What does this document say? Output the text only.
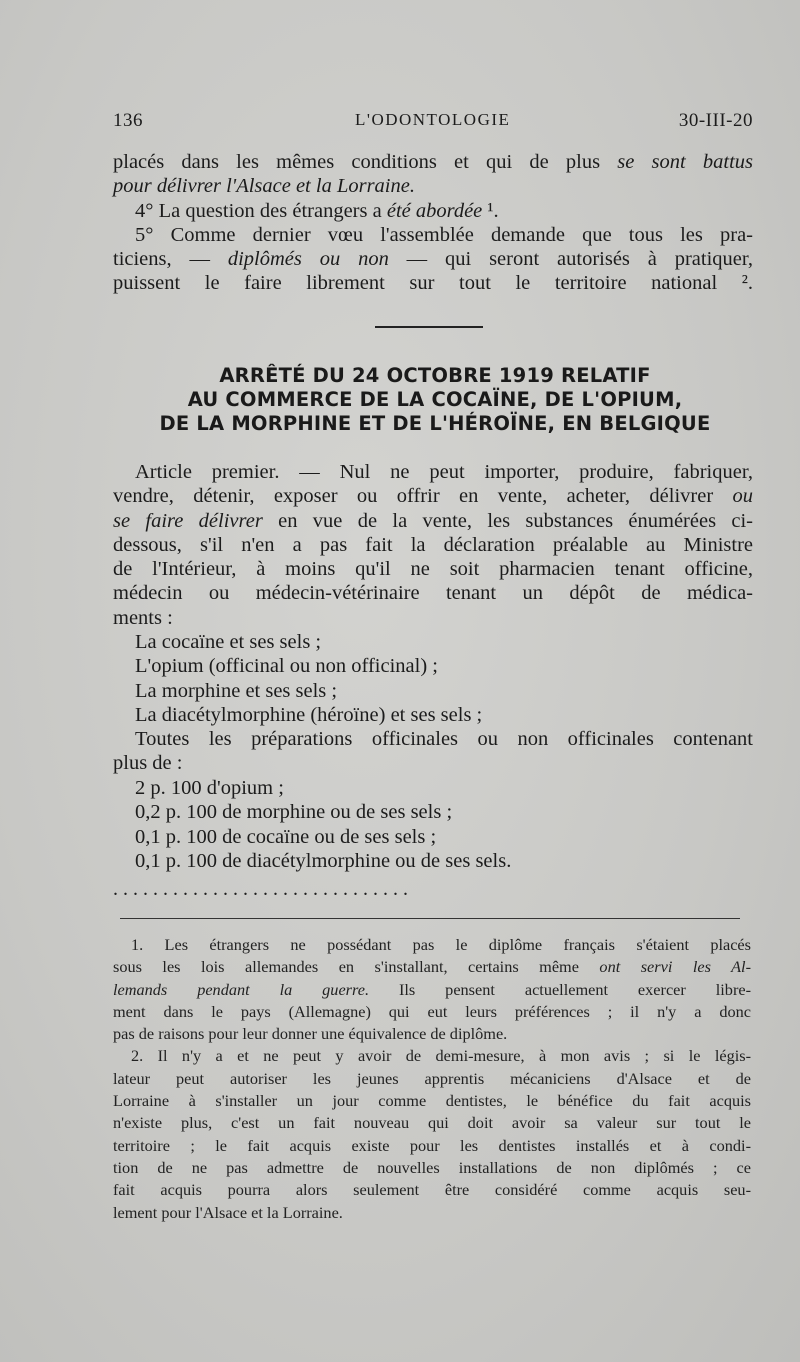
136	L'ODONTOLOGIE	30-III-20
placés dans les mêmes conditions et qui de plus se sont battus
pour délivrer l'Alsace et la Lorraine.
4° La question des étrangers a été abordée ¹.
5° Comme dernier vœu l'assemblée demande que tous les pra-
ticiens, — diplômés ou non — qui seront autorisés à pratiquer,
puissent le faire librement sur tout le territoire national ².
ARRÊTÉ DU 24 OCTOBRE 1919 RELATIF
AU COMMERCE DE LA COCAÏNE, DE L'OPIUM,
DE LA MORPHINE ET DE L'HÉROÏNE, EN BELGIQUE
Article premier. — Nul ne peut importer, produire, fabriquer,
vendre, détenir, exposer ou offrir en vente, acheter, délivrer ou
se faire délivrer en vue de la vente, les substances énumérées ci-
dessous, s'il n'en a pas fait la déclaration préalable au Ministre
de l'Intérieur, à moins qu'il ne soit pharmacien tenant officine,
médecin ou médecin-vétérinaire tenant un dépôt de médica-
ments :
La cocaïne et ses sels ;
L'opium (officinal ou non officinal) ;
La morphine et ses sels ;
La diacétylmorphine (héroïne) et ses sels ;
Toutes les préparations officinales ou non officinales contenant
plus de :
2 p. 100 d'opium ;
0,2 p. 100 de morphine ou de ses sels ;
0,1 p. 100 de cocaïne ou de ses sels ;
0,1 p. 100 de diacétylmorphine ou de ses sels.
. . . . . . . . . . . . . . . . . . . . . . . . . . . . . .
1. Les étrangers ne possédant pas le diplôme français s'étaient placés
sous les lois allemandes en s'installant, certains même ont servi les Al-
lemands pendant la guerre. Ils pensent actuellement exercer libre-
ment dans le pays (Allemagne) qui eut leurs préférences ; il n'y a donc
pas de raisons pour leur donner une équivalence de diplôme.
2. Il n'y a et ne peut y avoir de demi-mesure, à mon avis ; si le légis-
lateur peut autoriser les jeunes apprentis mécaniciens d'Alsace et de
Lorraine à s'installer un jour comme dentistes, le bénéfice du fait acquis
n'existe plus, c'est un fait nouveau qui doit avoir sa valeur sur tout le
territoire ; le fait acquis existe pour les dentistes installés et à condi-
tion de ne pas admettre de nouvelles installations de non diplômés ; ce
fait acquis pourra alors seulement être considéré comme acquis seu-
lement pour l'Alsace et la Lorraine.
